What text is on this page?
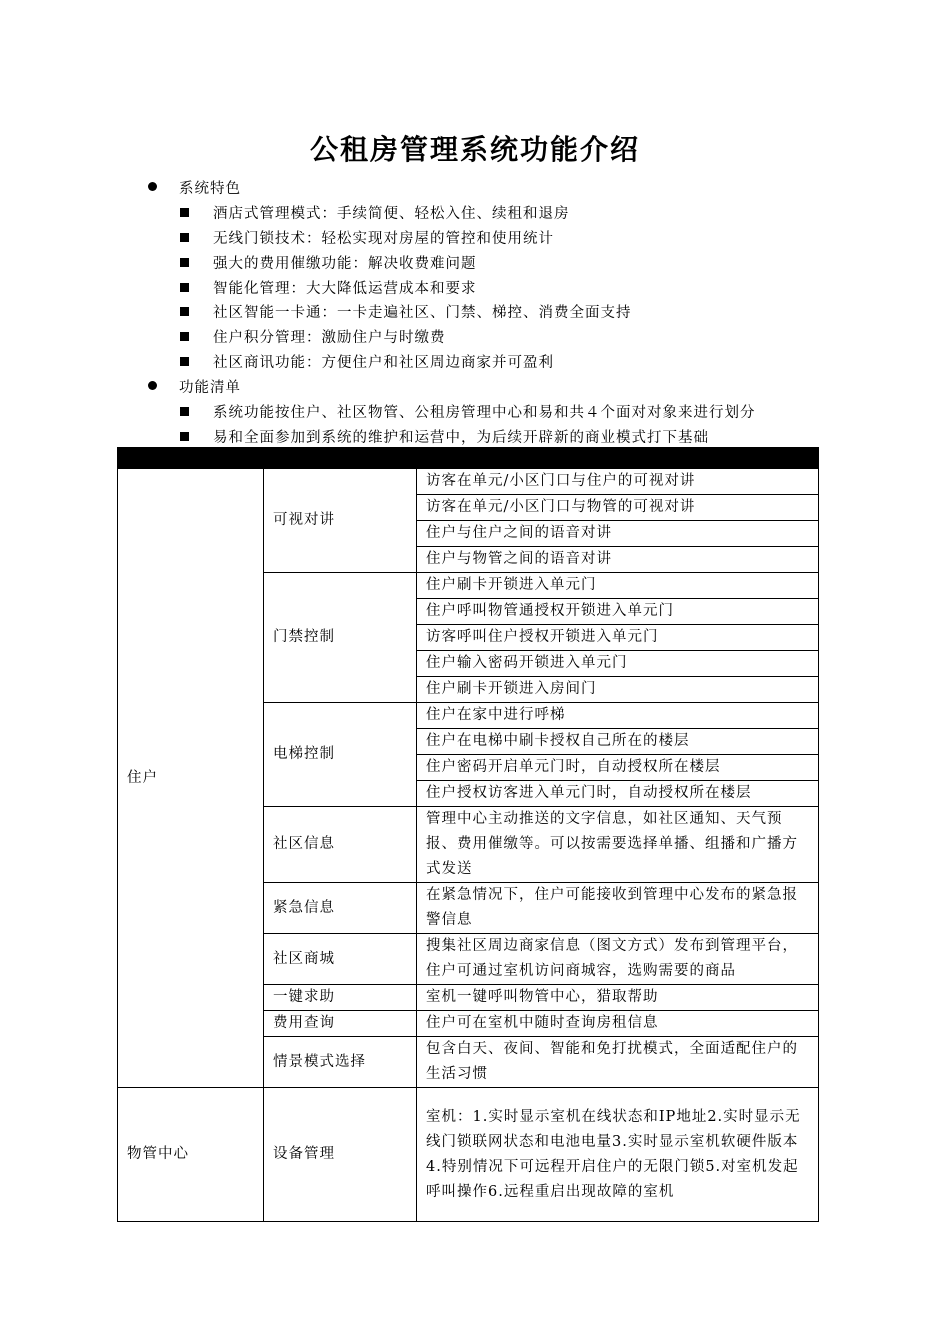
公租房管理系统功能介绍
系统特色
酒店式管理模式：手续简便、轻松入住、续租和退房
无线门锁技术：轻松实现对房屋的管控和使用统计
强大的费用催缴功能：解决收费难问题
智能化管理：大大降低运营成本和要求
社区智能一卡通：一卡走遍社区、门禁、梯控、消费全面支持
住户积分管理：激励住户与时缴费
社区商讯功能：方便住户和社区周边商家并可盈利
功能清单
系统功能按住户、社区物管、公租房管理中心和易和共４个面对对象来进行划分
易和全面参加到系统的维护和运营中，为后续开辟新的商业模式打下基础

住户	可视对讲	访客在单元/小区门口与住户的可视对讲
		访客在单元/小区门口与物管的可视对讲
		住户与住户之间的语音对讲
		住户与物管之间的语音对讲
	门禁控制	住户刷卡开锁进入单元门
		住户呼叫物管通授权开锁进入单元门
		访客呼叫住户授权开锁进入单元门
		住户输入密码开锁进入单元门
		住户刷卡开锁进入房间门
	电梯控制	住户在家中进行呼梯
		住户在电梯中刷卡授权自己所在的楼层
		住户密码开启单元门时，自动授权所在楼层
		住户授权访客进入单元门时，自动授权所在楼层
	社区信息	管理中心主动推送的文字信息，如社区通知、天气预报、费用催缴等。可以按需要选择单播、组播和广播方式发送
	紧急信息	在紧急情况下，住户可能接收到管理中心发布的紧急报警信息
	社区商城	搜集社区周边商家信息（图文方式）发布到管理平台，住户可通过室机访问商城容，选购需要的商品
	一键求助	室机一键呼叫物管中心，猎取帮助
	费用查询	住户可在室机中随时查询房租信息
	情景模式选择	包含白天、夜间、智能和免打扰模式，全面适配住户的生活习惯
物管中心	设备管理	室机：1.实时显示室机在线状态和IP地址2.实时显示无线门锁联网状态和电池电量3.实时显示室机软硬件版本4.特别情况下可远程开启住户的无限门锁5.对室机发起呼叫操作6.远程重启出现故障的室机
